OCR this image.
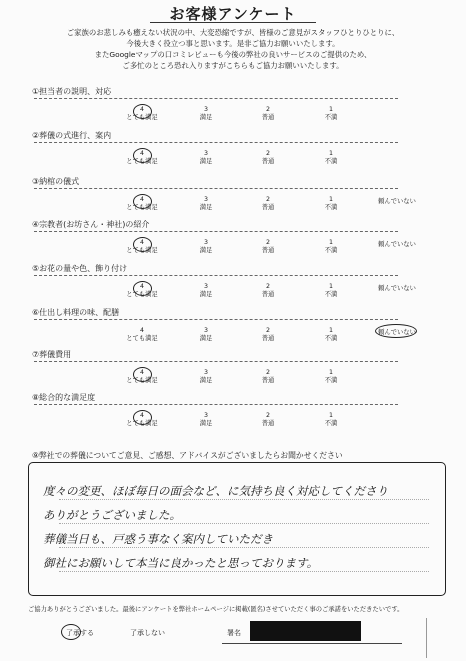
お客様アンケート
ご家族のお悲しみも癒えない状況の中、大変恐縮ですが、皆様のご意見がスタッフひとりひとりに、
今後大きく役立つ事と思います。是非ご協力お願いいたします。
またGoogleマップの口コミレビューも今後の弊社の良いサービスのご提供のため、
ご多忙のところ恐れ入りますがこちらもご協力お願いいたします。
①担当者の説明、対応
4
とても満足
3
満足
2
普通
1
不満
②葬儀の式進行、案内
4
とても満足
3
満足
2
普通
1
不満
③納棺の儀式
4
とても満足
3
満足
2
普通
1
不満
頼んでいない
④宗教者(お坊さん・神社)の紹介
4
とても満足
3
満足
2
普通
1
不満
頼んでいない
⑤お花の量や色、飾り付け
4
とても満足
3
満足
2
普通
1
不満
頼んでいない
⑥仕出し料理の味、配膳
4
とても満足
3
満足
2
普通
1
不満
頼んでいない
⑦葬儀費用
4
とても満足
3
満足
2
普通
1
不満
⑧総合的な満足度
4
とても満足
3
満足
2
普通
1
不満
⑨弊社での葬儀についてご意見、ご感想、アドバイスがございましたらお聞かせください
度々の変更、ほぼ毎日の面会など、に気持ち良く対応してくださり
ありがとうございました。
葬儀当日も、戸惑う事なく案内していただき
御社にお願いして本当に良かったと思っております。
ご協力ありがとうございました。最後にアンケートを弊社ホームページに掲載(匿名)させていただく事のご承諾をいただきたいです。
了承する	了承しない	署名
